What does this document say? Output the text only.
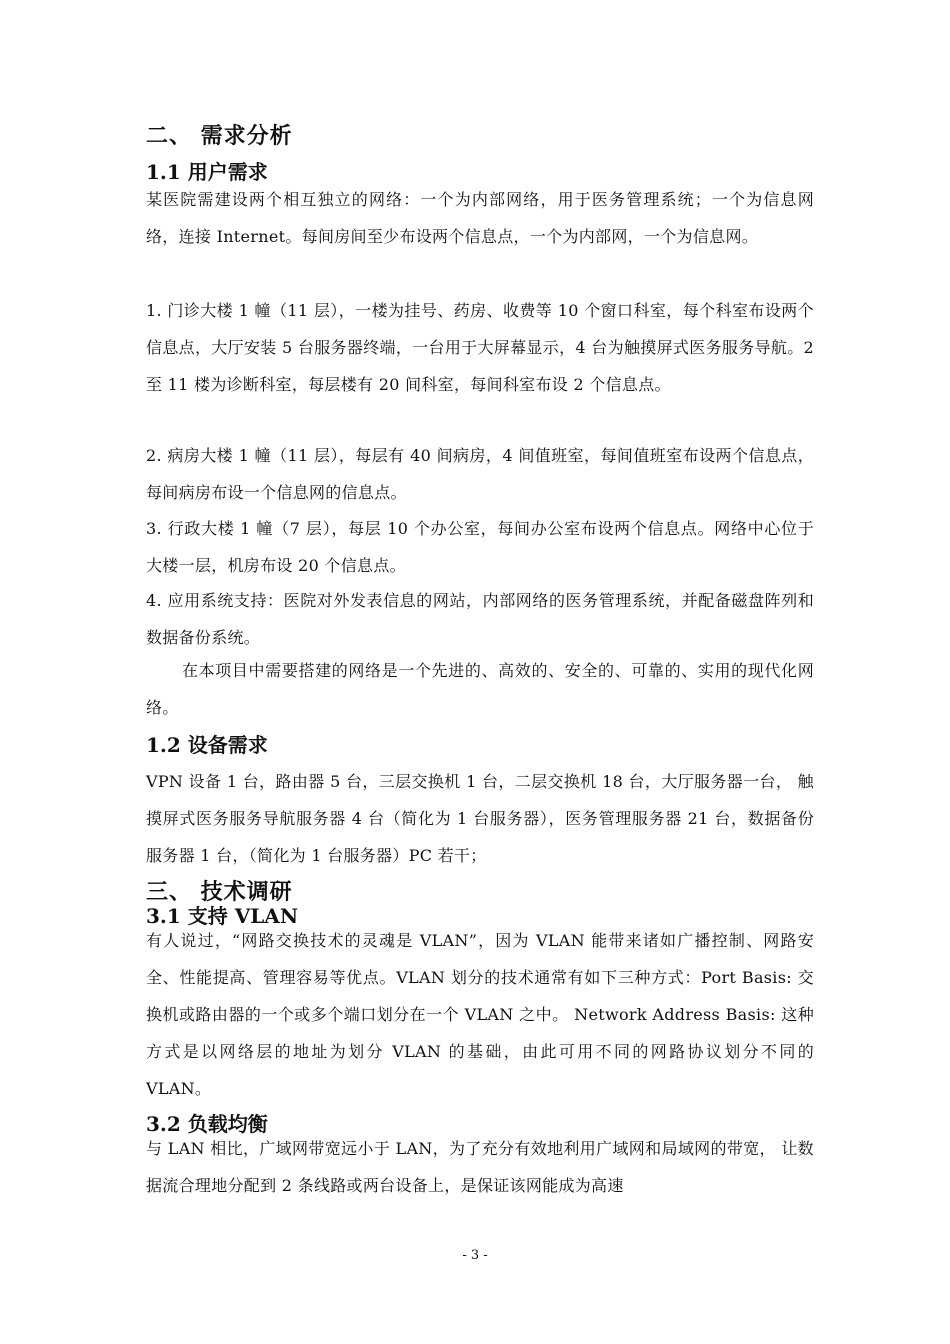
二、 需求分析
1.1 用户需求

某医院需建设两个相互独立的网络：一个为内部网络，用于医务管理系统；一个为信息网络，连接 Internet。每间房间至少布设两个信息点，一个为内部网，一个为信息网。

1. 门诊大楼 1 幢（11 层），一楼为挂号、药房、收费等 10 个窗口科室，每个科室布设两个信息点，大厅安装 5 台服务器终端，一台用于大屏幕显示，4 台为触摸屏式医务服务导航。2 至 11 楼为诊断科室，每层楼有 20 间科室，每间科室布设 2 个信息点。

2. 病房大楼 1 幢（11 层），每层有 40 间病房，4 间值班室，每间值班室布设两个信息点，每间病房布设一个信息网的信息点。

3. 行政大楼 1 幢（7 层），每层 10 个办公室，每间办公室布设两个信息点。网络中心位于大楼一层，机房布设 20 个信息点。

4. 应用系统支持：医院对外发表信息的网站，内部网络的医务管理系统，并配备磁盘阵列和数据备份系统。

在本项目中需要搭建的网络是一个先进的、高效的、安全的、可靠的、实用的现代化网络。

1.2 设备需求

VPN 设备 1 台，路由器 5 台，三层交换机 1 台，二层交换机 18 台，大厅服务器一台， 触摸屏式医务服务导航服务器 4 台（简化为 1 台服务器），医务管理服务器 21 台，数据备份服务器 1 台，（简化为 1 台服务器）PC 若干；

三、 技术调研
3.1 支持 VLAN

有人说过，“网路交换技术的灵魂是 VLAN”，因为 VLAN 能带来诸如广播控制、网路安全、性能提高、管理容易等优点。VLAN 划分的技术通常有如下三种方式：Port Basis: 交换机或路由器的一个或多个端口划分在一个 VLAN 之中。 Network Address Basis: 这种方式是以网络层的地址为划分 VLAN 的基础，由此可用不同的网路协议划分不同的 VLAN。

3.2 负载均衡

与 LAN 相比，广域网带宽远小于 LAN，为了充分有效地利用广域网和局域网的带宽， 让数据流合理地分配到 2 条线路或两台设备上，是保证该网能成为高速

- 3 -
